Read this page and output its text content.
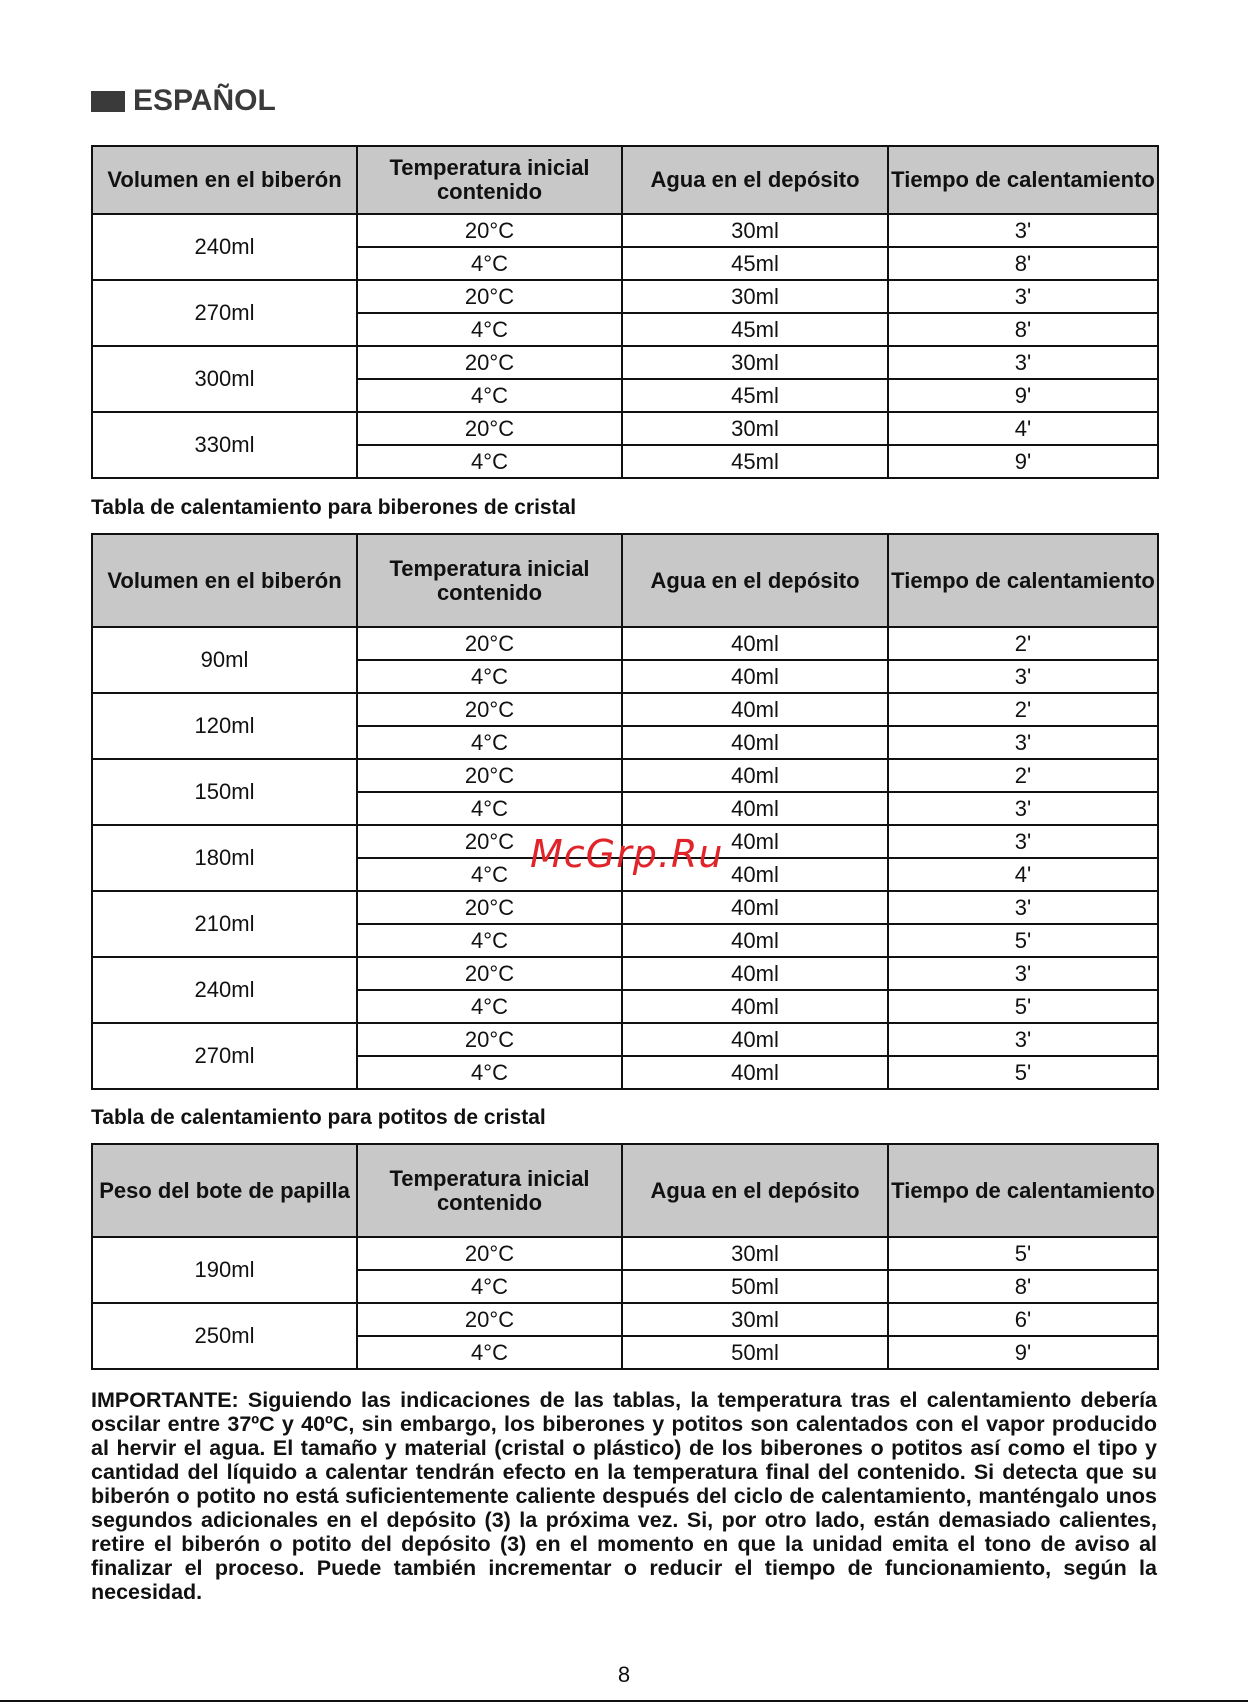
ESPAÑOL
Volumen en el biberón	Temperatura inicial contenido	Agua en el depósito	Tiempo de calentamiento
240ml	20°C	30ml	3'
	4°C	45ml	8'
270ml	20°C	30ml	3'
	4°C	45ml	8'
300ml	20°C	30ml	3'
	4°C	45ml	9'
330ml	20°C	30ml	4'
	4°C	45ml	9'
Tabla de calentamiento para biberones de cristal
Volumen en el biberón	Temperatura inicial contenido	Agua en el depósito	Tiempo de calentamiento
90ml	20°C	40ml	2'
	4°C	40ml	3'
120ml	20°C	40ml	2'
	4°C	40ml	3'
150ml	20°C	40ml	2'
	4°C	40ml	3'
180ml	20°C	40ml	3'
	4°C	40ml	4'
210ml	20°C	40ml	3'
	4°C	40ml	5'
240ml	20°C	40ml	3'
	4°C	40ml	5'
270ml	20°C	40ml	3'
	4°C	40ml	5'
Tabla de calentamiento para potitos de cristal
Peso del bote de papilla	Temperatura inicial contenido	Agua en el depósito	Tiempo de calentamiento
190ml	20°C	30ml	5'
	4°C	50ml	8'
250ml	20°C	30ml	6'
	4°C	50ml	9'
IMPORTANTE: Siguiendo las indicaciones de las tablas, la temperatura tras el calentamiento debería oscilar entre 37ºC y 40ºC, sin embargo, los biberones y potitos son calentados con el vapor producido al hervir el agua. El tamaño y material (cristal o plástico) de los biberones o potitos así como el tipo y cantidad del líquido a calentar tendrán efecto en la temperatura final del contenido. Si detecta que su biberón o potito no está suficientemente caliente después del ciclo de calentamiento, manténgalo unos segundos adicionales en el depósito (3) la próxima vez. Si, por otro lado, están demasiado calientes, retire el biberón o potito del depósito (3) en el momento en que la unidad emita el tono de aviso al finalizar el proceso. Puede también incrementar o reducir el tiempo de funcionamiento, según la necesidad.
McGrp.Ru
8
